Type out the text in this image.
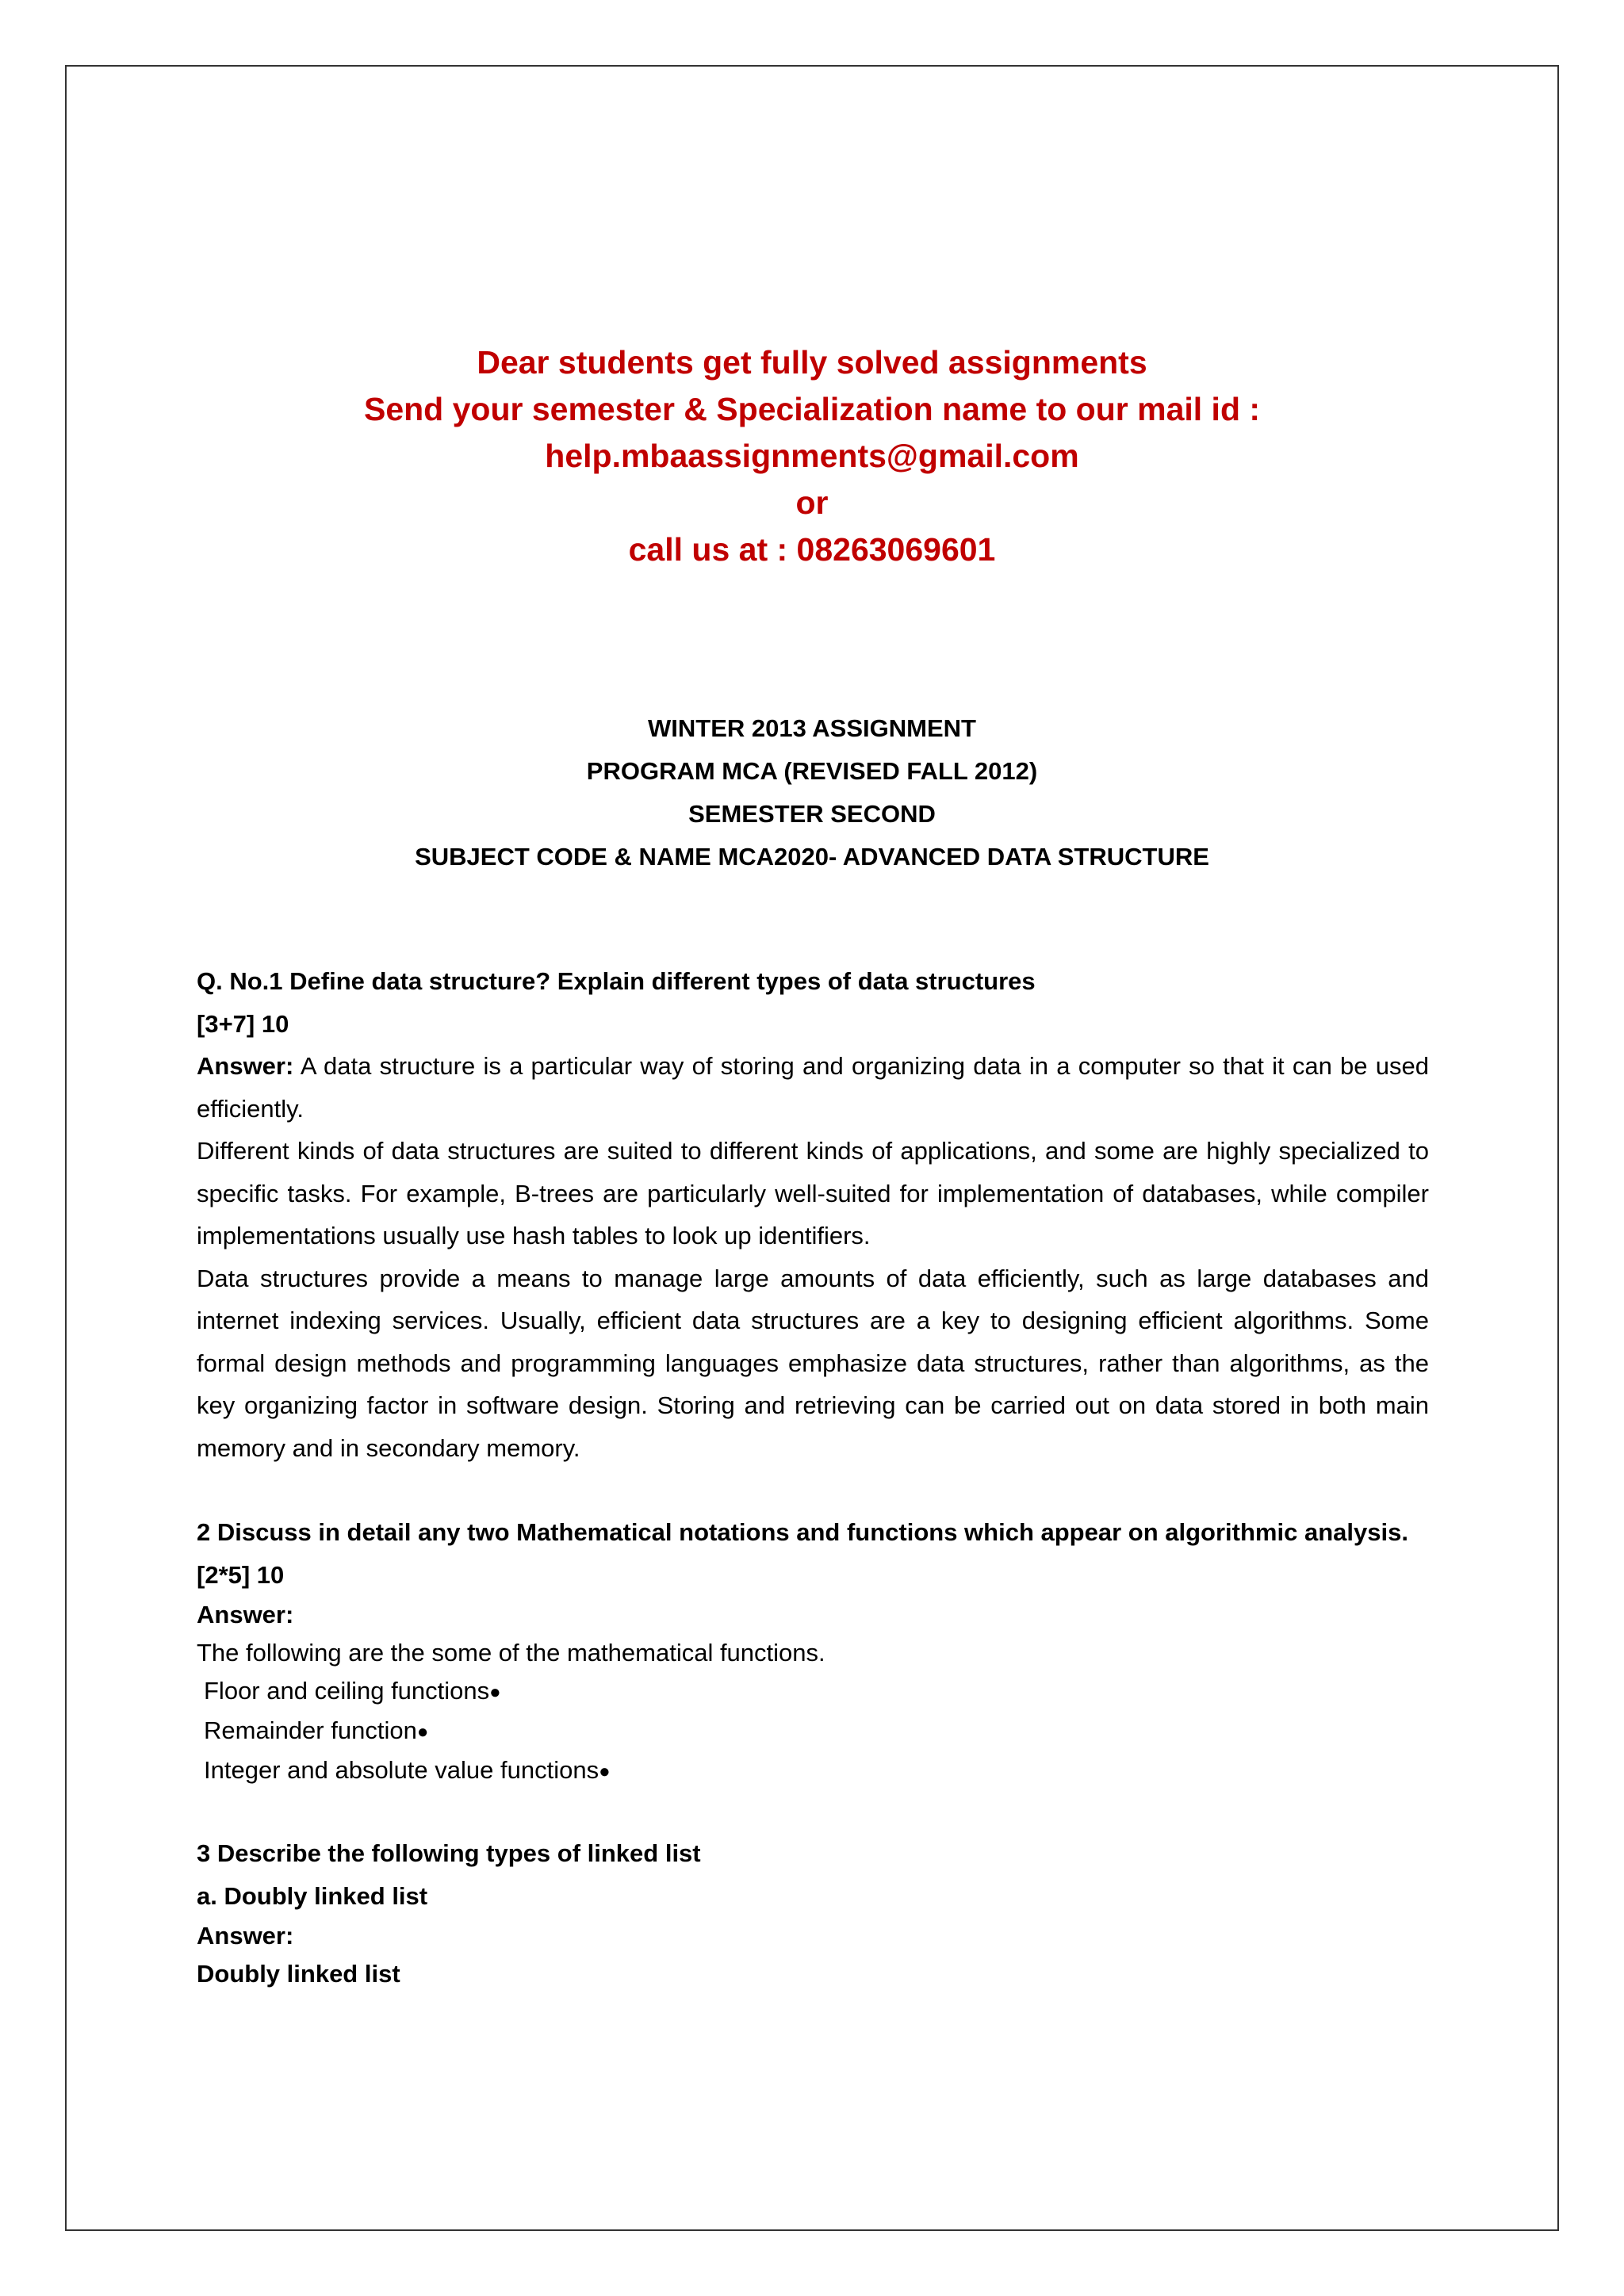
Dear students get fully solved assignments
Send your semester & Specialization name to our mail id :
help.mbaassignments@gmail.com
or
call us at : 08263069601
WINTER 2013 ASSIGNMENT
PROGRAM MCA (REVISED FALL 2012)
SEMESTER SECOND
SUBJECT CODE & NAME MCA2020- ADVANCED DATA STRUCTURE

Q. No.1 Define data structure? Explain different types of data structures

[3+7] 10

Answer: A data structure is a particular way of storing and organizing data in a computer so that it can be used efficiently.

Different kinds of data structures are suited to different kinds of applications, and some are highly specialized to specific tasks. For example, B-trees are particularly well-suited for implementation of databases, while compiler implementations usually use hash tables to look up identifiers.

Data structures provide a means to manage large amounts of data efficiently, such as large databases and internet indexing services. Usually, efficient data structures are a key to designing efficient algorithms. Some formal design methods and programming languages emphasize data structures, rather than algorithms, as the key organizing factor in software design. Storing and retrieving can be carried out on data stored in both main memory and in secondary memory.

2 Discuss in detail any two Mathematical notations and functions which appear on algorithmic analysis.

[2*5] 10

Answer:

The following are the some of the mathematical functions.

Floor and ceiling functions●
Remainder function●
Integer and absolute value functions●

3 Describe the following types of linked list

a. Doubly linked list

Answer:

Doubly linked list
